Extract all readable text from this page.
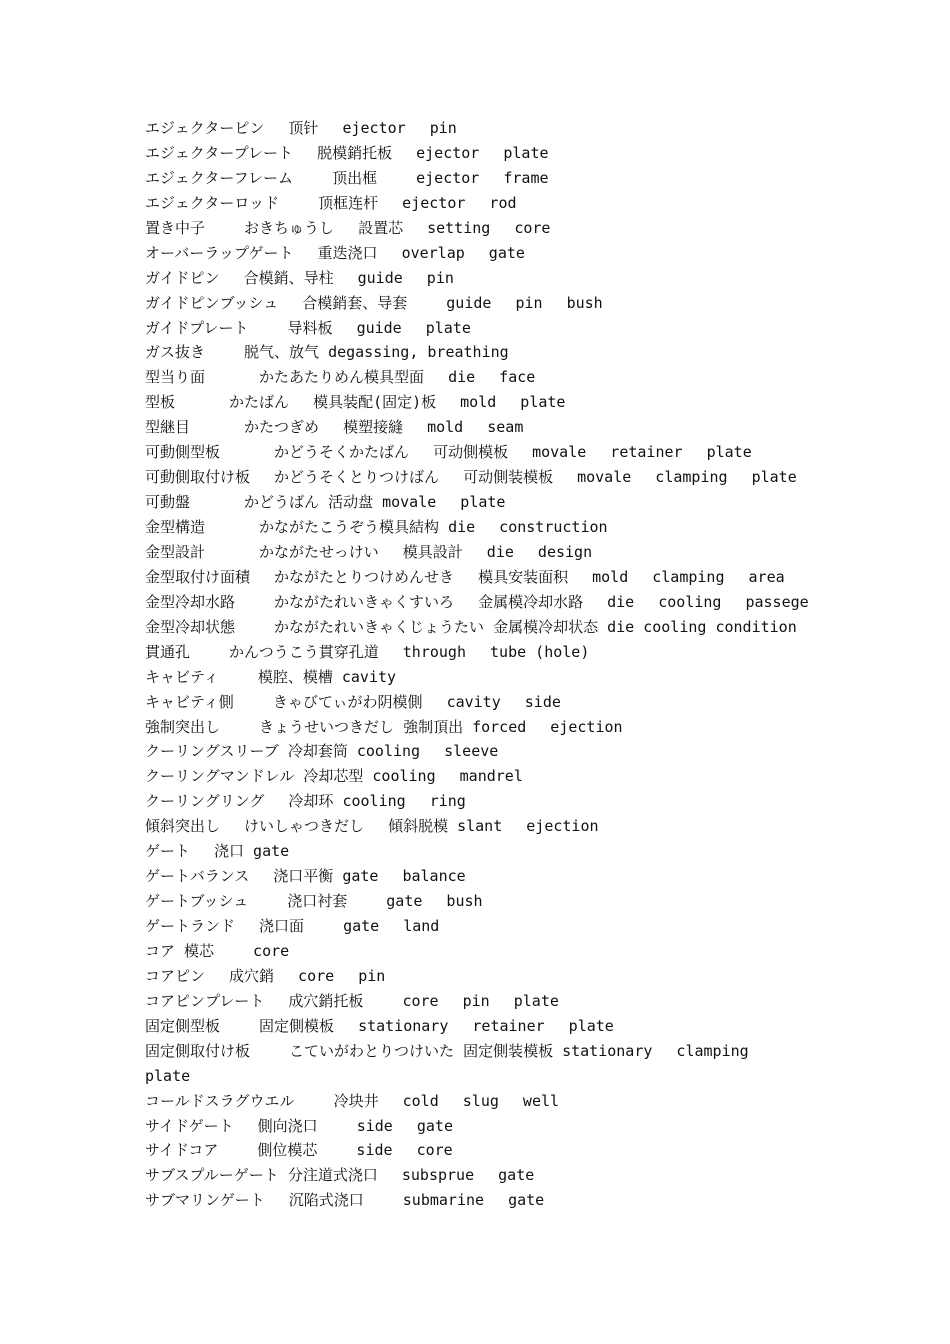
エジェクターピン　 顶针　 ejector　 pin
エジェクタープレート　 脱模銷托板　 ejector　 plate
エジェクターフレーム　　 顶出框　　 ejector　 frame
エジェクターロッド　　 顶框连杆　 ejector　 rod
置き中子　　 おきちゅうし　 設置芯　 setting　 core
オーバーラップゲート　 重迭浇口　 overlap　 gate
ガイドピン　 合模銷、导柱　 guide　 pin
ガイドピンブッシュ　 合模銷套、导套　　 guide　 pin　 bush
ガイドプレート　　 导料板　 guide　 plate
ガス抜き　　 脱气、放气 degassing, breathing
型当り面　　　 かたあたりめん模具型面　 die　 face
型板　　　 かたばん　 模具装配(固定)板　 mold　 plate
型継目　　　 かたつぎめ　 模塑接縫　 mold　 seam
可動側型板　　　 かどうそくかたばん　 可动側模板　 movale　 retainer　 plate
可動側取付け板　 かどうそくとりつけばん　 可动側装模板　 movale　 clamping　 plate
可動盤　　　 かどうばん 活动盘 movale　 plate
金型構造　　　 かながたこうぞう模具結构 die　 construction
金型設計　　　 かながたせっけい　 模具設計　 die　 design
金型取付け面積　 かながたとりつけめんせき　 模具安装面积　 mold　 clamping　 area
金型冷却水路　　 かながたれいきゃくすいろ　 金属模冷却水路　 die　 cooling　 passege
金型冷却状態　　 かながたれいきゃくじょうたい 金属模冷却状态 die cooling condition
貫通孔　　 かんつうこう貫穿孔道　 through　 tube (hole)
キャビティ　　 模腔、模槽 cavity
キャビティ側　　 きゃびてぃがわ阴模側　 cavity　 side
強制突出し　　 きょうせいつきだし 強制頂出 forced　 ejection
クーリングスリーブ 冷却套筒 cooling　 sleeve
クーリングマンドレル 冷却芯型 cooling　 mandrel
クーリングリング　 冷却环 cooling　 ring
傾斜突出し　 けいしゃつきだし　 傾斜脱模 slant　 ejection
ゲート　 浇口 gate
ゲートバランス　 浇口平衡 gate　 balance
ゲートブッシュ　　 浇口衬套　　 gate　 bush
ゲートランド　 浇口面　　 gate　 land
コア 模芯　　 core
コアピン　 成穴銷　 core　 pin
コアピンプレート　 成穴銷托板　　 core　 pin　 plate
固定側型板　　 固定側模板　 stationary　 retainer　 plate
固定側取付け板　　 こていがわとりつけいた 固定側装模板 stationary　 clamping
plate
コールドスラグウエル　　 冷块井　 cold　 slug　 well
サイドゲート　 側向浇口　　 side　 gate
サイドコア　　 側位模芯　　 side　 core
サブスプルーゲート 分注道式浇口　 subsprue　 gate
サブマリンゲート　 沉陷式浇口　　 submarine　 gate
